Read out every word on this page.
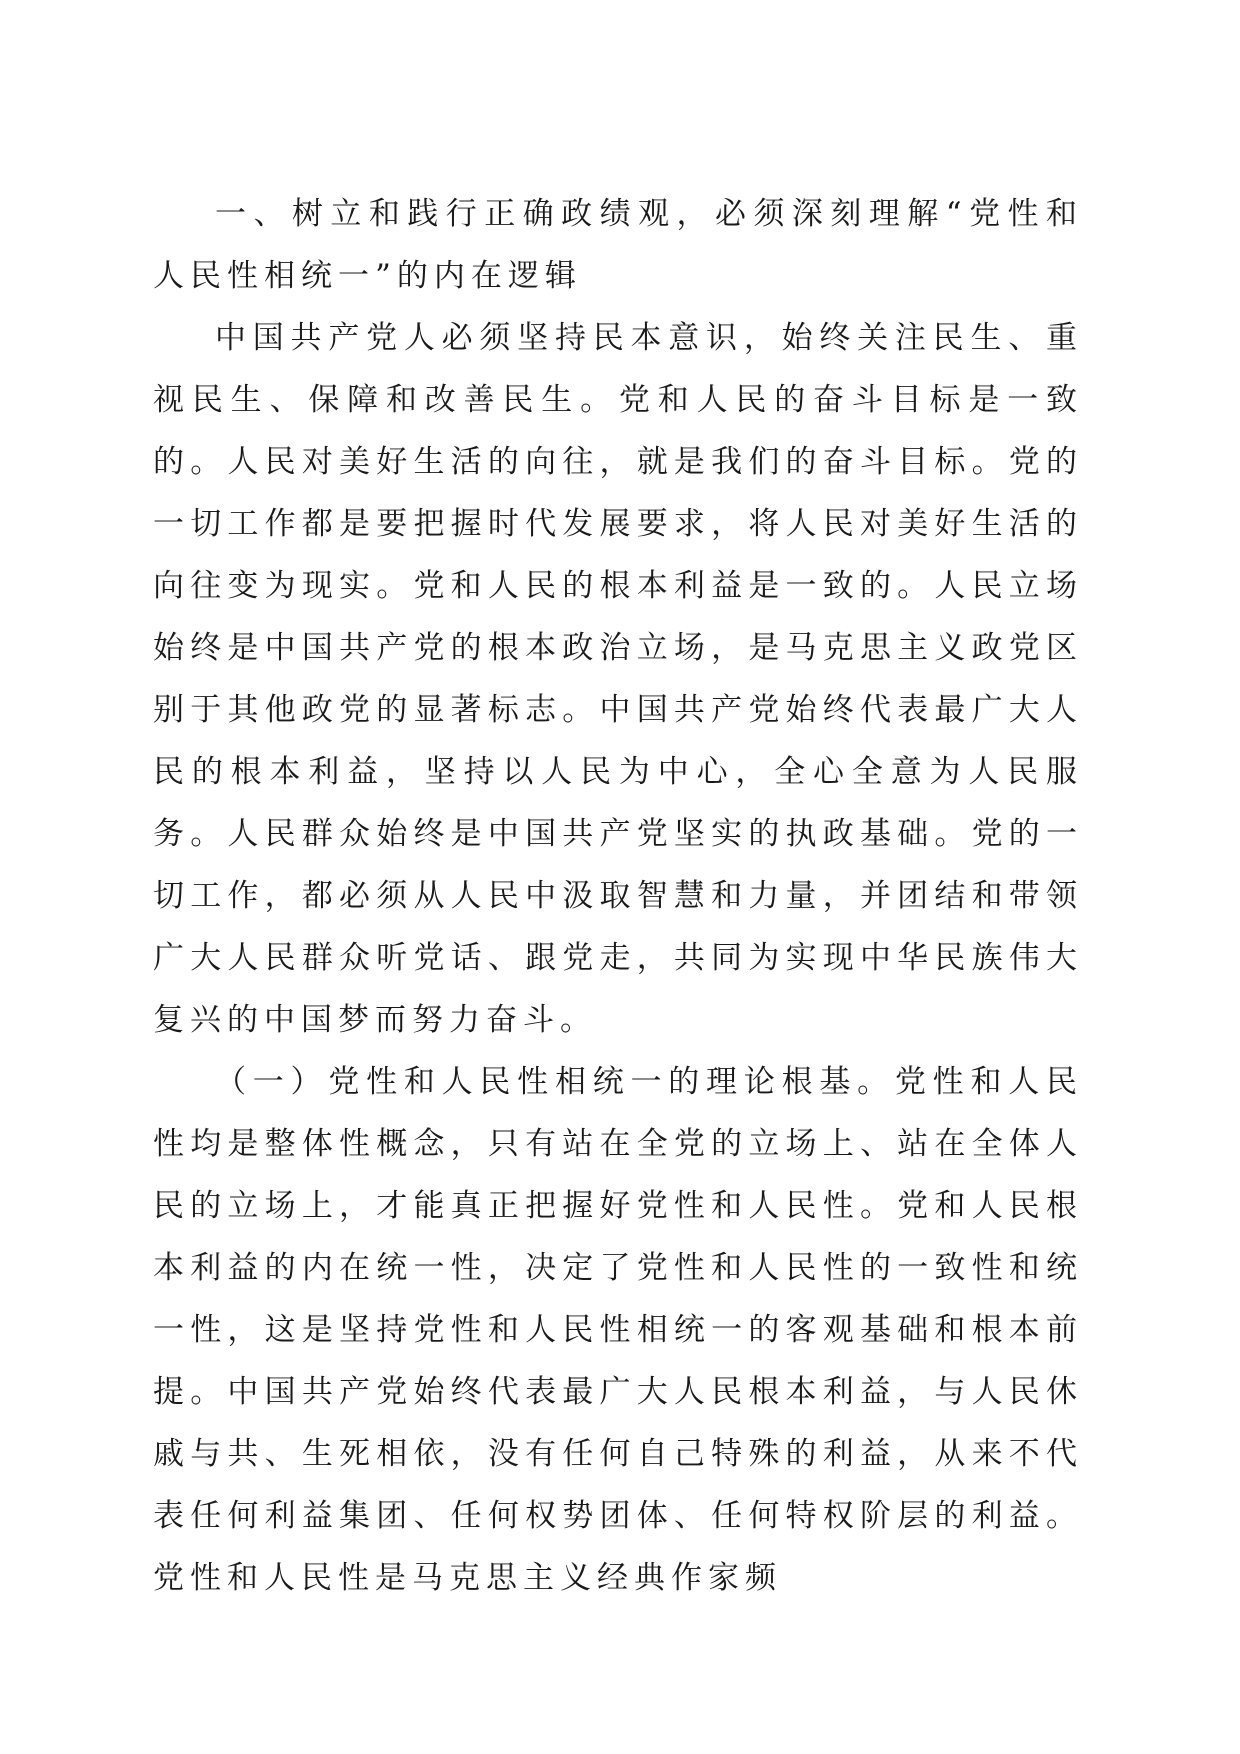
一、树立和践行正确政绩观，必须深刻理解“党性和人民性相统一”的内在逻辑

中国共产党人必须坚持民本意识，始终关注民生、重视民生、保障和改善民生。党和人民的奋斗目标是一致的。人民对美好生活的向往，就是我们的奋斗目标。党的一切工作都是要把握时代发展要求，将人民对美好生活的向往变为现实。党和人民的根本利益是一致的。人民立场始终是中国共产党的根本政治立场，是马克思主义政党区别于其他政党的显著标志。中国共产党始终代表最广大人民的根本利益，坚持以人民为中心，全心全意为人民服务。人民群众始终是中国共产党坚实的执政基础。党的一切工作，都必须从人民中汲取智慧和力量，并团结和带领广大人民群众听党话、跟党走，共同为实现中华民族伟大复兴的中国梦而努力奋斗。

（一）党性和人民性相统一的理论根基。党性和人民性均是整体性概念，只有站在全党的立场上、站在全体人民的立场上，才能真正把握好党性和人民性。党和人民根本利益的内在统一性，决定了党性和人民性的一致性和统一性，这是坚持党性和人民性相统一的客观基础和根本前提。中国共产党始终代表最广大人民根本利益，与人民休戚与共、生死相依，没有任何自己特殊的利益，从来不代表任何利益集团、任何权势团体、任何特权阶层的利益。党性和人民性是马克思主义经典作家频
